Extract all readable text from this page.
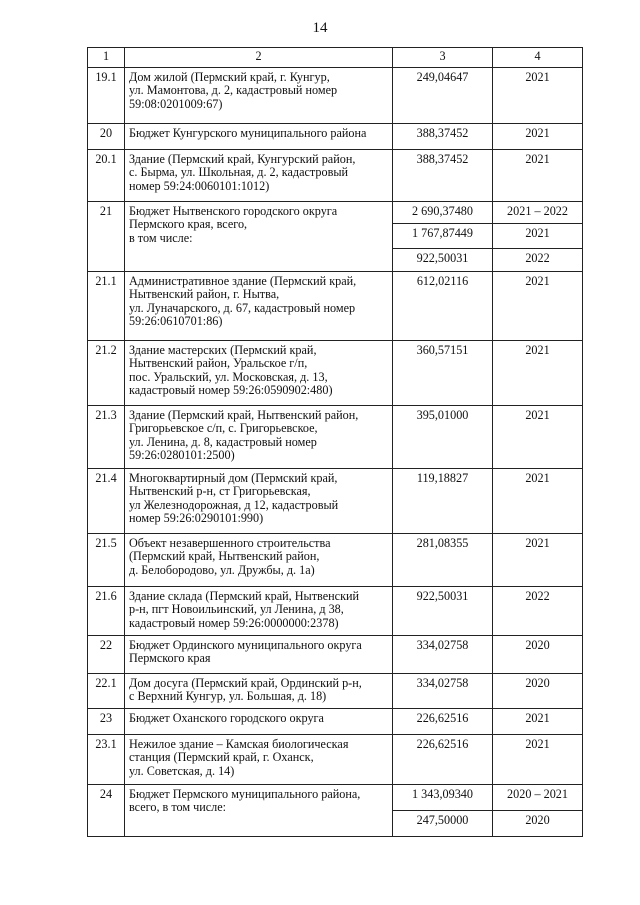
14
1	2	3	4
19.1	Дом жилой (Пермский край, г. Кунгур,
ул. Мамонтова, д. 2, кадастровый номер
59:08:0201009:67)	249,04647	2021
20	Бюджет Кунгурского муниципального района	388,37452	2021
20.1	Здание (Пермский край, Кунгурский район,
с. Бырма, ул. Школьная, д. 2, кадастровый
номер 59:24:0060101:1012)	388,37452	2021
21	Бюджет Нытвенского городского округа
Пермского края, всего,
в том числе:	2 690,37480	2021 – 2022
		1 767,87449	2021
		922,50031	2022
21.1	Административное здание (Пермский край,
Нытвенский район, г. Нытва,
ул. Луначарского, д. 67, кадастровый номер
59:26:0610701:86)	612,02116	2021
21.2	Здание мастерских (Пермский край,
Нытвенский район, Уральское г/п,
пос. Уральский, ул. Московская, д. 13,
кадастровый номер 59:26:0590902:480)	360,57151	2021
21.3	Здание (Пермский край, Нытвенский район,
Григорьевское с/п, с. Григорьевское,
ул. Ленина, д. 8, кадастровый номер
59:26:0280101:2500)	395,01000	2021
21.4	Многоквартирный дом (Пермский край,
Нытвенский р-н, ст Григорьевская,
ул Железнодорожная, д 12, кадастровый
номер 59:26:0290101:990)	119,18827	2021
21.5	Объект незавершенного строительства
(Пермский край, Нытвенский район,
д. Белобородово, ул. Дружбы, д. 1а)	281,08355	2021
21.6	Здание склада (Пермский край, Нытвенский
р-н, пгт Новоильинский, ул Ленина, д 38,
кадастровый номер 59:26:0000000:2378)	922,50031	2022
22	Бюджет Ординского муниципального округа
Пермского края	334,02758	2020
22.1	Дом досуга (Пермский край, Ординский р-н,
с Верхний Кунгур, ул. Большая, д. 18)	334,02758	2020
23	Бюджет Оханского городского округа	226,62516	2021
23.1	Нежилое здание – Камская биологическая
станция (Пермский край, г. Оханск,
ул. Советская, д. 14)	226,62516	2021
24	Бюджет Пермского муниципального района,
всего, в том числе:	1 343,09340	2020 – 2021
		247,50000	2020
